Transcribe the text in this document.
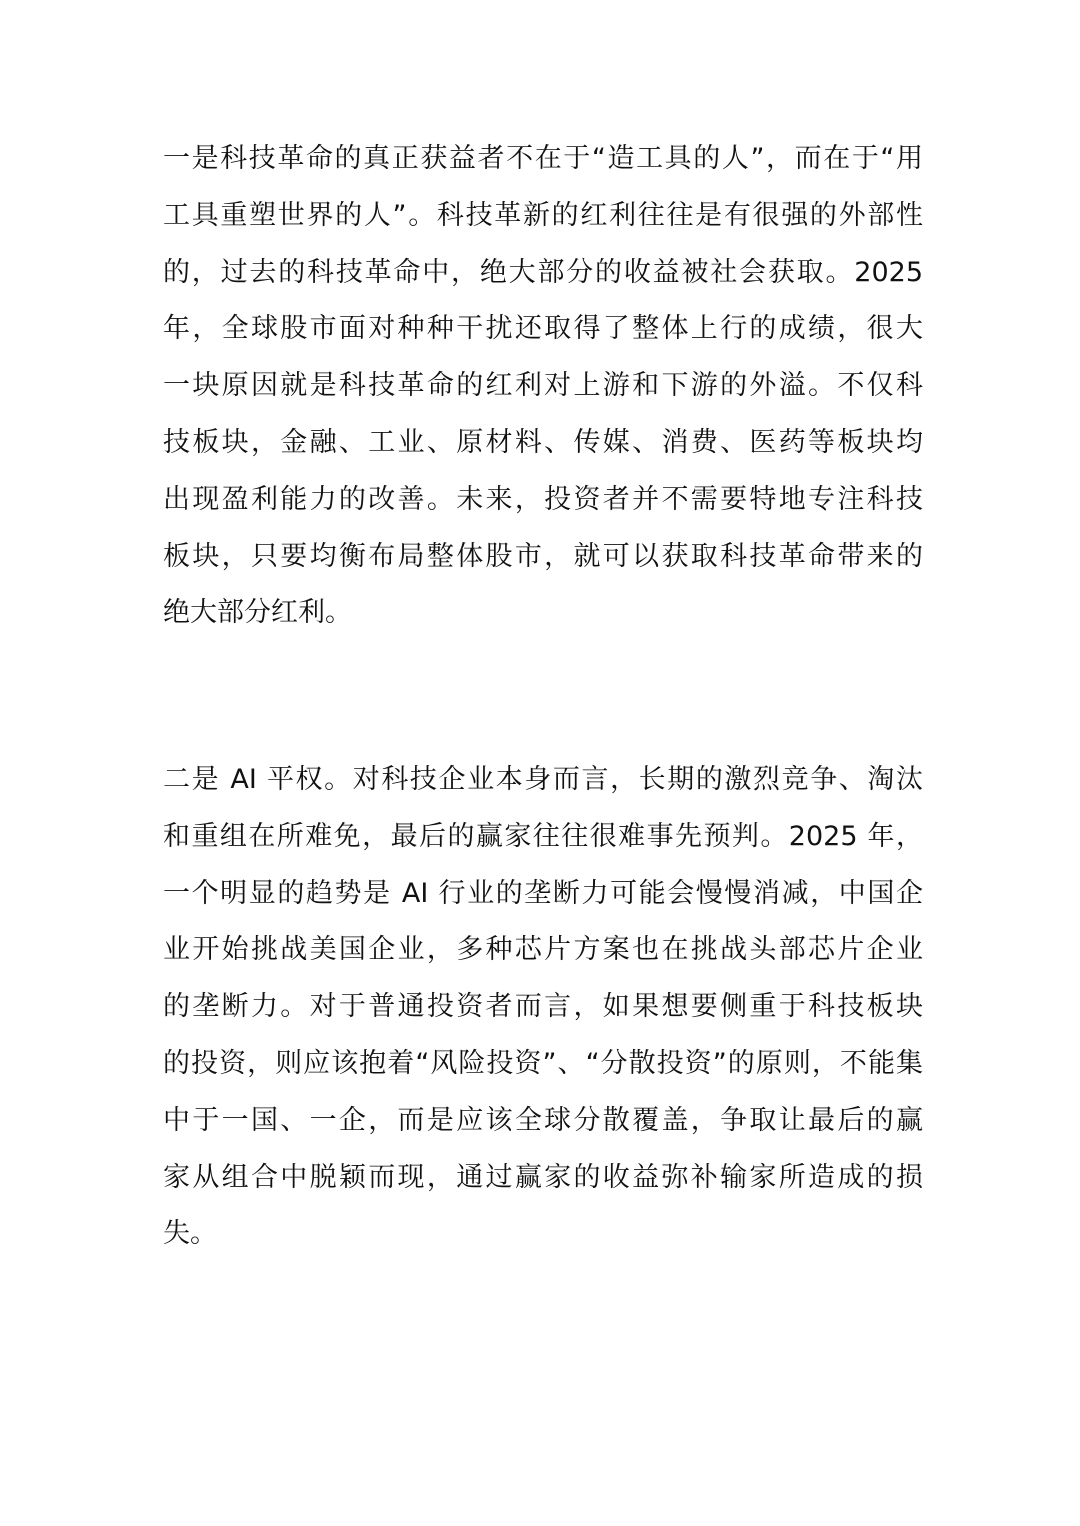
一是科技革命的真正获益者不在于“造工具的人”，而在于“用
工具重塑世界的人”。科技革新的红利往往是有很强的外部性
的，过去的科技革命中，绝大部分的收益被社会获取。2025
年，全球股市面对种种干扰还取得了整体上行的成绩，很大
一块原因就是科技革命的红利对上游和下游的外溢。不仅科
技板块，金融、工业、原材料、传媒、消费、医药等板块均
出现盈利能力的改善。未来，投资者并不需要特地专注科技
板块，只要均衡布局整体股市，就可以获取科技革命带来的
绝大部分红利。

二是 AI 平权。对科技企业本身而言，长期的激烈竞争、淘汰
和重组在所难免，最后的赢家往往很难事先预判。2025 年，
一个明显的趋势是 AI 行业的垄断力可能会慢慢消减，中国企
业开始挑战美国企业，多种芯片方案也在挑战头部芯片企业
的垄断力。对于普通投资者而言，如果想要侧重于科技板块
的投资，则应该抱着“风险投资”、“分散投资”的原则，不能集
中于一国、一企，而是应该全球分散覆盖，争取让最后的赢
家从组合中脱颖而现，通过赢家的收益弥补输家所造成的损
失。
